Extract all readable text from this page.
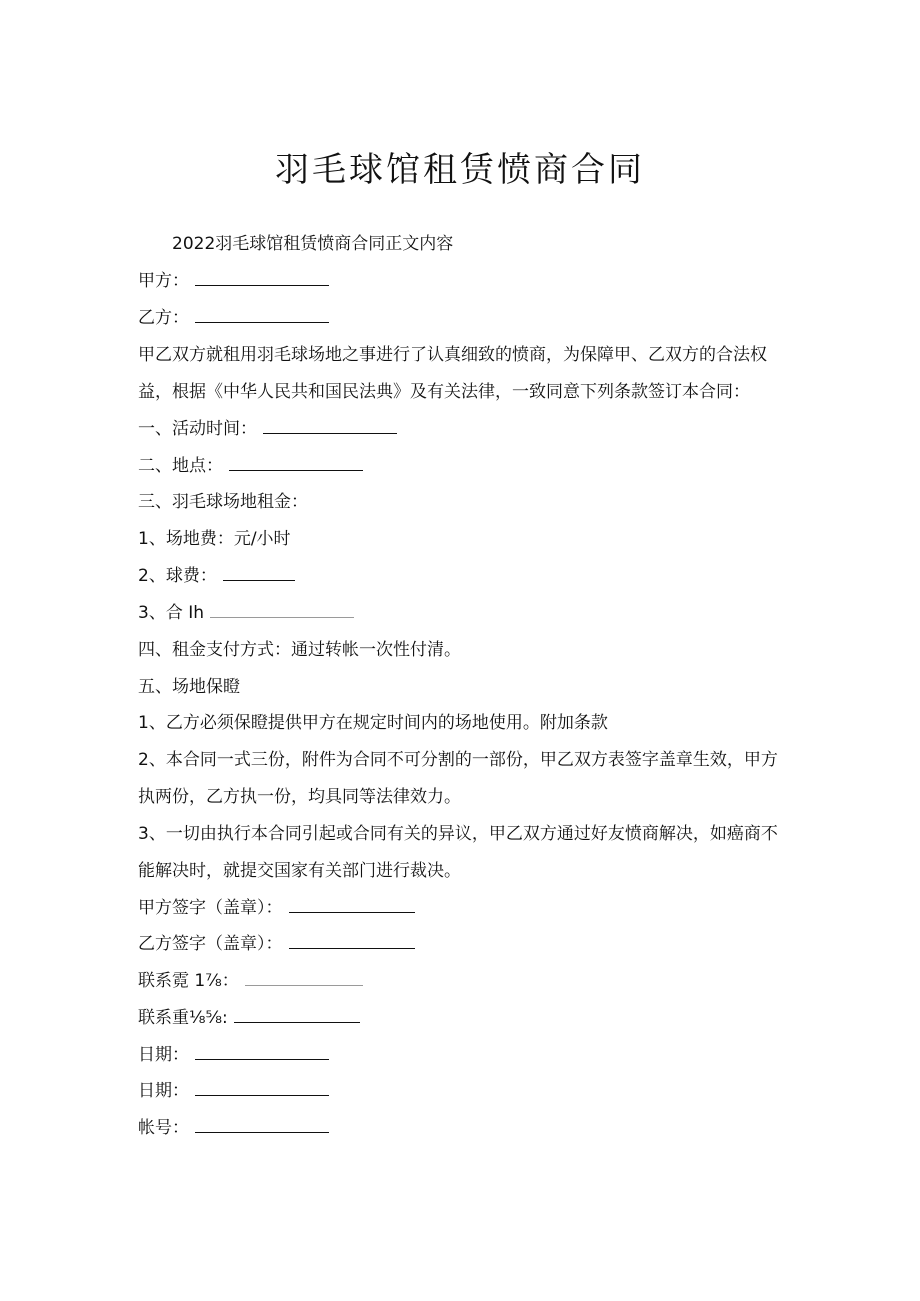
羽毛球馆租赁愤商合同
2022羽毛球馆租赁愤商合同正文内容
甲方：
乙方：
甲乙双方就租用羽毛球场地之事进行了认真细致的愤商，为保障甲、乙双方的合法权
益，根据《中华人民共和国民法典》及有关法律，一致同意下列条款签订本合同：
一、活动时间：
二、地点：
三、羽毛球场地租金：
1、场地费：元/小时
2、球费：
3、合 Ih
四、租金支付方式：通过转帐一次性付清。
五、场地保瞪
1、乙方必须保瞪提供甲方在规定时间内的场地使用。附加条款
2、本合同一式三份，附件为合同不可分割的一部份，甲乙双方表签字盖章生效，甲方
执两份，乙方执一份，均具同等法律效力。
3、一切由执行本合同引起或合同有关的异议，甲乙双方通过好友愤商解决，如癌商不
能解决时，就提交国家有关部门进行裁决。
甲方签字（盖章）：
乙方签字（盖章）：
联系霓 1⅞：
联系重⅛⅝:
日期：
日期：
帐号：
